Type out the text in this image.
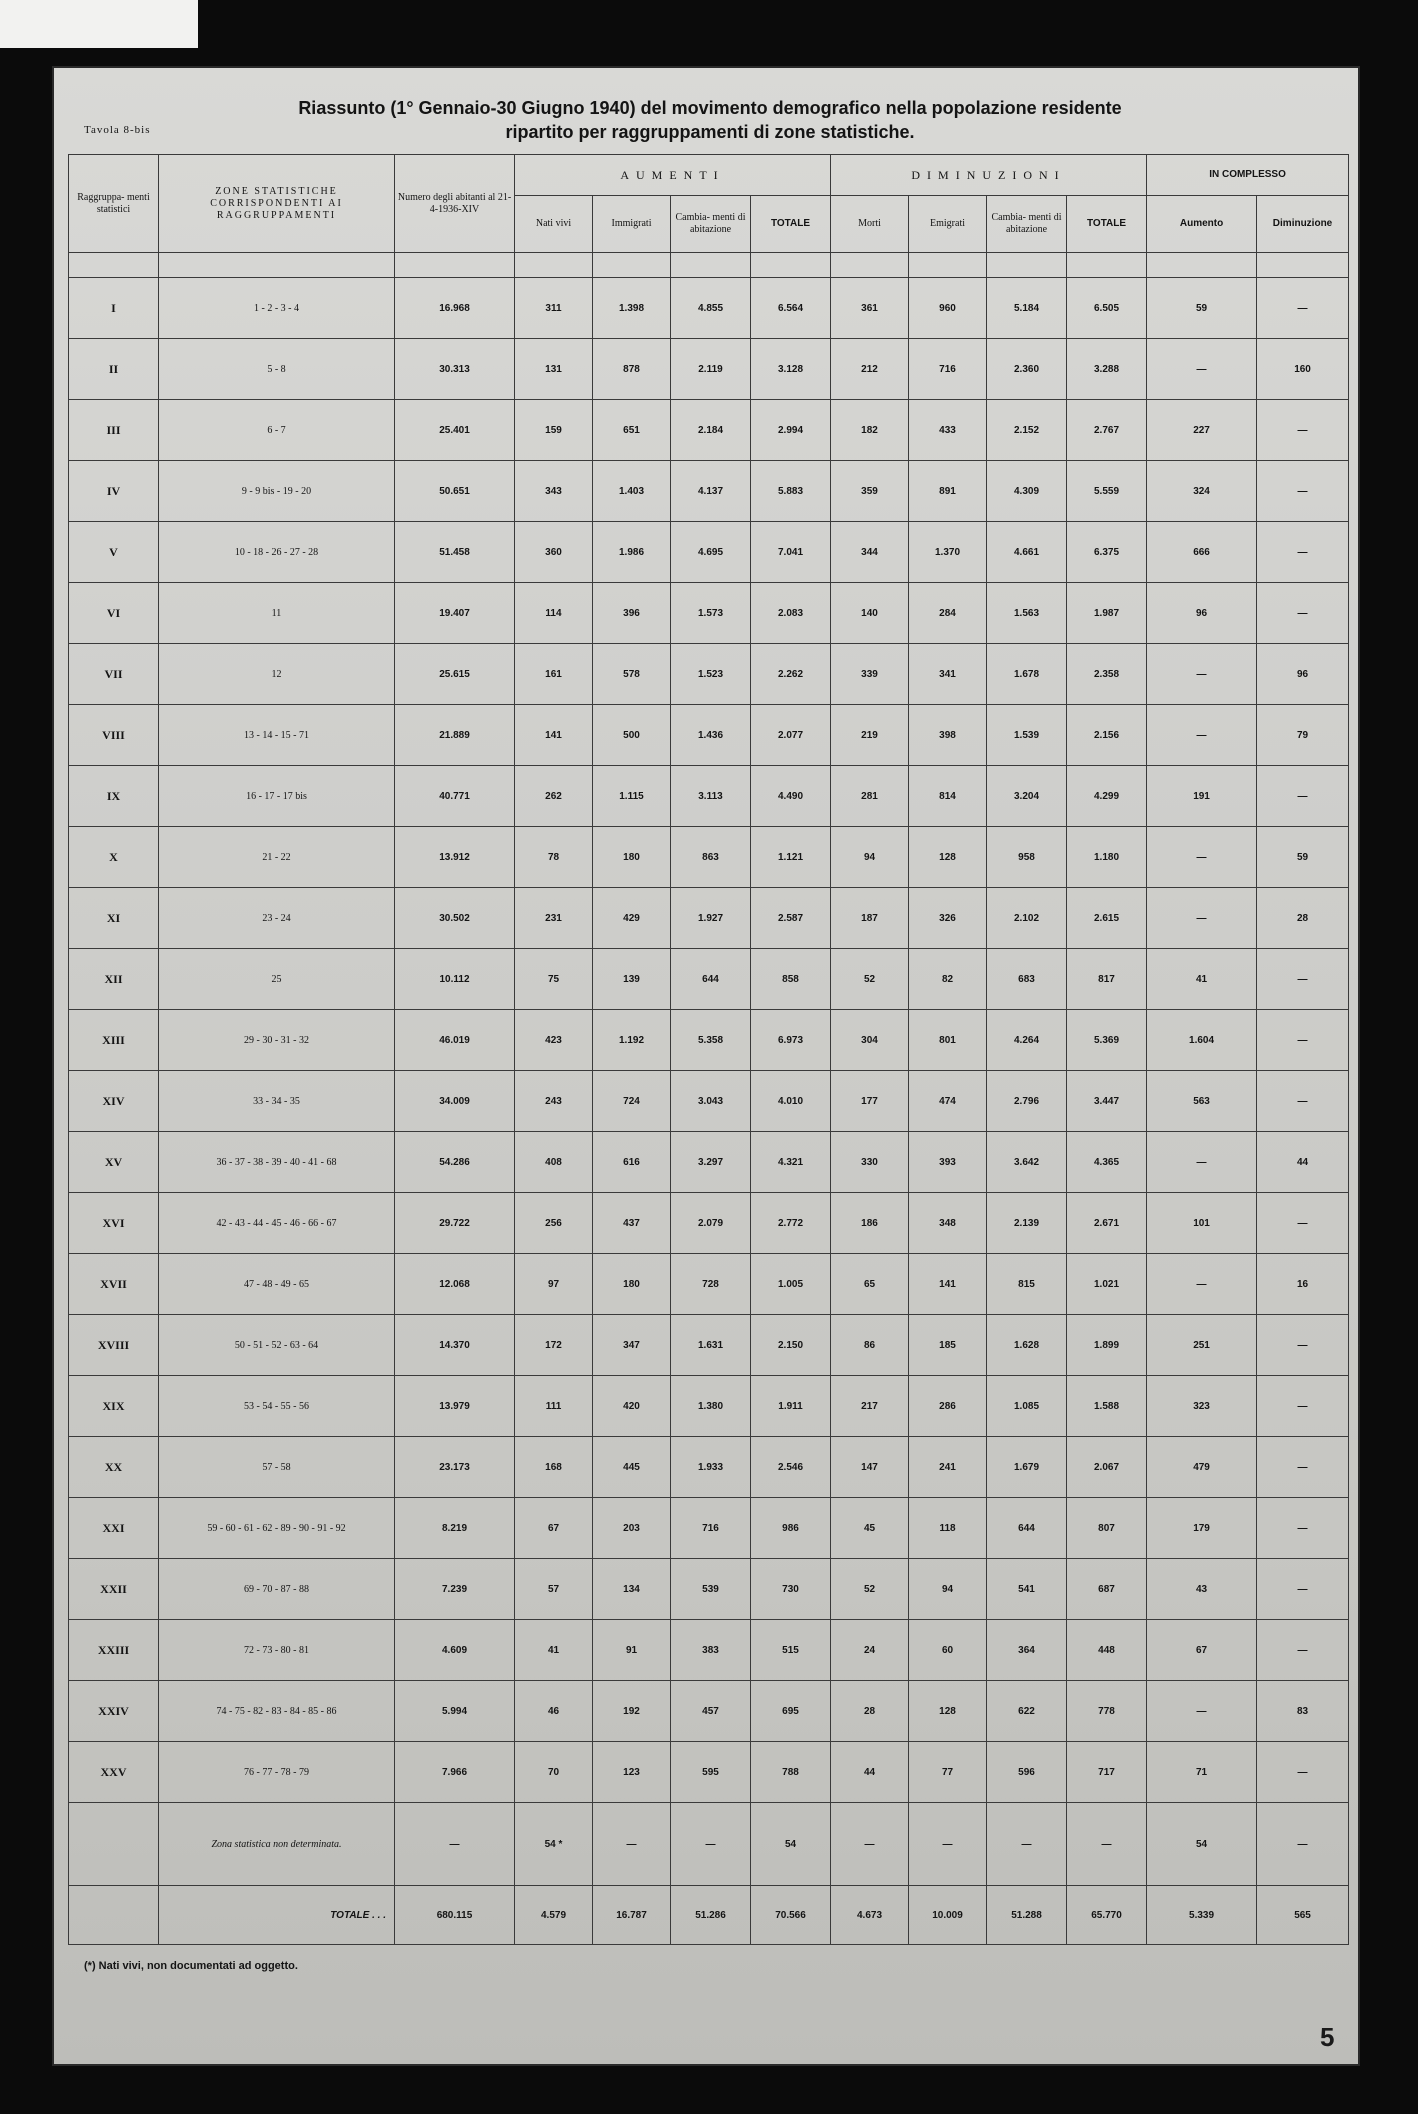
Tavola 8-bis
Riassunto (1° Gennaio-30 Giugno 1940) del movimento demografico nella popolazione residente
ripartito per raggruppamenti di zone statistiche.
Raggruppa- menti statistici	ZONE STATISTICHE CORRISPONDENTI AI RAGGRUPPAMENTI	Numero degli abitanti al 21-4-1936-XIV	AUMENTI				DIMINUZIONI				IN COMPLESSO	
			Nati vivi	Immigrati	Cambia- menti di abitazione	TOTALE	Morti	Emigrati	Cambia- menti di abitazione	TOTALE	Aumento	Diminuzione

I	1 - 2 - 3 - 4	16.968	311	1.398	4.855	6.564	361	960	5.184	6.505	59	—
II	5 - 8	30.313	131	878	2.119	3.128	212	716	2.360	3.288	—	160
III	6 - 7	25.401	159	651	2.184	2.994	182	433	2.152	2.767	227	—
IV	9 - 9 bis - 19 - 20	50.651	343	1.403	4.137	5.883	359	891	4.309	5.559	324	—
V	10 - 18 - 26 - 27 - 28	51.458	360	1.986	4.695	7.041	344	1.370	4.661	6.375	666	—
VI	11	19.407	114	396	1.573	2.083	140	284	1.563	1.987	96	—
VII	12	25.615	161	578	1.523	2.262	339	341	1.678	2.358	—	96
VIII	13 - 14 - 15 - 71	21.889	141	500	1.436	2.077	219	398	1.539	2.156	—	79
IX	16 - 17 - 17 bis	40.771	262	1.115	3.113	4.490	281	814	3.204	4.299	191	—
X	21 - 22	13.912	78	180	863	1.121	94	128	958	1.180	—	59
XI	23 - 24	30.502	231	429	1.927	2.587	187	326	2.102	2.615	—	28
XII	25	10.112	75	139	644	858	52	82	683	817	41	—
XIII	29 - 30 - 31 - 32	46.019	423	1.192	5.358	6.973	304	801	4.264	5.369	1.604	—
XIV	33 - 34 - 35	34.009	243	724	3.043	4.010	177	474	2.796	3.447	563	—
XV	36 - 37 - 38 - 39 - 40 - 41 - 68	54.286	408	616	3.297	4.321	330	393	3.642	4.365	—	44
XVI	42 - 43 - 44 - 45 - 46 - 66 - 67	29.722	256	437	2.079	2.772	186	348	2.139	2.671	101	—
XVII	47 - 48 - 49 - 65	12.068	97	180	728	1.005	65	141	815	1.021	—	16
XVIII	50 - 51 - 52 - 63 - 64	14.370	172	347	1.631	2.150	86	185	1.628	1.899	251	—
XIX	53 - 54 - 55 - 56	13.979	111	420	1.380	1.911	217	286	1.085	1.588	323	—
XX	57 - 58	23.173	168	445	1.933	2.546	147	241	1.679	2.067	479	—
XXI	59 - 60 - 61 - 62 - 89 - 90 - 91 - 92	8.219	67	203	716	986	45	118	644	807	179	—
XXII	69 - 70 - 87 - 88	7.239	57	134	539	730	52	94	541	687	43	—
XXIII	72 - 73 - 80 - 81	4.609	41	91	383	515	24	60	364	448	67	—
XXIV	74 - 75 - 82 - 83 - 84 - 85 - 86	5.994	46	192	457	695	28	128	622	778	—	83
XXV	76 - 77 - 78 - 79	7.966	70	123	595	788	44	77	596	717	71	—
	Zona statistica non determinata.	—	54 *	—	—	54	—	—	—	—	54	—
	TOTALE . . .	680.115	4.579	16.787	51.286	70.566	4.673	10.009	51.288	65.770	5.339	565
(*) Nati vivi, non documentati ad oggetto.
5
